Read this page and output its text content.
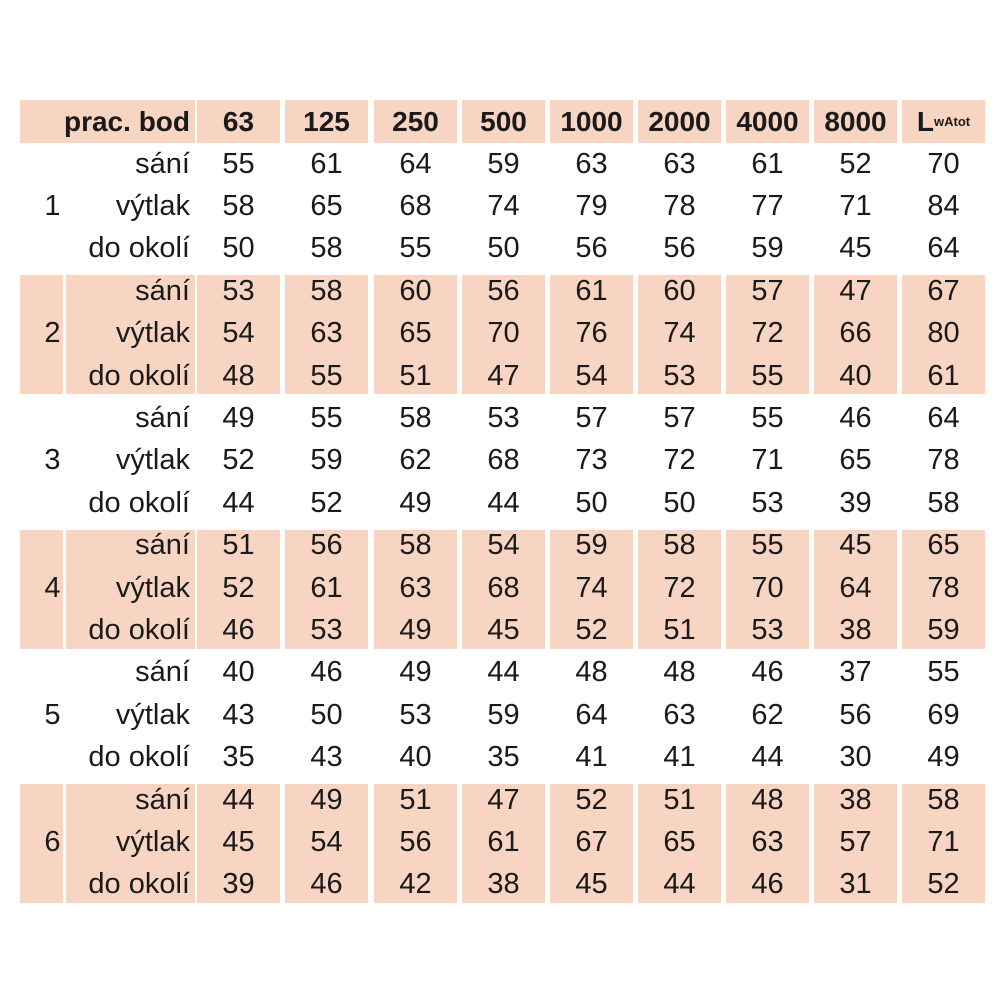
prac. bod	63	125	250	500	1000 2000 4000 8000	L wAtot
1
sání	55	61	64	59	63	63	61	52	70
výtlak	58	65	68	74	79	78	77	71	84
do okolí	50	58	55	50	56	56	59	45	64
2
sání	53	58	60	56	61	60	57	47	67
výtlak	54	63	65	70	76	74	72	66	80
do okolí	48	55	51	47	54	53	55	40	61
3
sání	49	55	58	53	57	57	55	46	64
výtlak	52	59	62	68	73	72	71	65	78
do okolí	44	52	49	44	50	50	53	39	58
4
sání	51	56	58	54	59	58	55	45	65
výtlak	52	61	63	68	74	72	70	64	78
do okolí	46	53	49	45	52	51	53	38	59
5
sání	40	46	49	44	48	48	46	37	55
výtlak	43	50	53	59	64	63	62	56	69
do okolí	35	43	40	35	41	41	44	30	49
6
sání	44	49	51	47	52	51	48	38	58
výtlak	45	54	56	61	67	65	63	57	71
do okolí	39	46	42	38	45	44	46	31	52
